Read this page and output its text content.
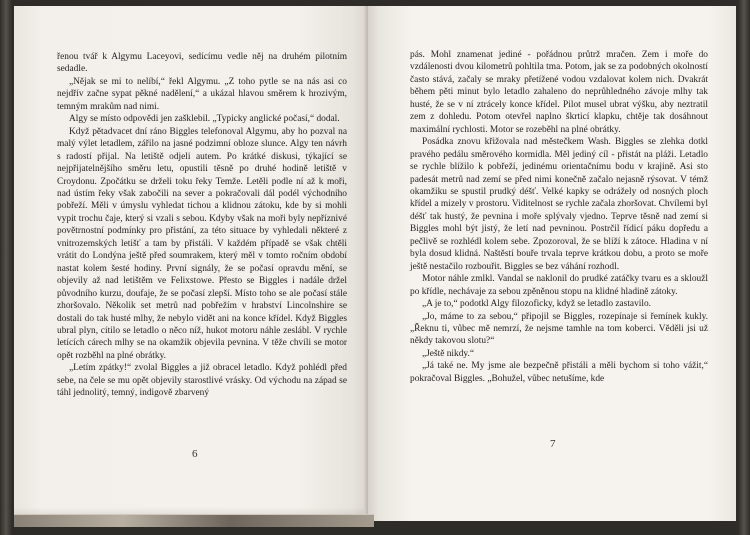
řenou tvář k Algymu Laceyovi, sedícímu vedle něj na druhém pilotním sedadle.

„Nějak se mi to nelíbí,“ řekl Algymu. „Z toho pytle se na nás asi co nejdřív začne sypat pěkné nadělení,“ a ukázal hlavou směrem k hrozivým, temným mrakům nad nimi.

Algy se místo odpovědi jen zašklebil. „Typicky anglické počasí,“ dodal.

Když pětadvacet dní ráno Biggles telefonoval Algymu, aby ho pozval na malý výlet letadlem, zářilo na jasné podzimní obloze slunce. Algy ten návrh s radostí přijal. Na letiště odjeli autem. Po krátké diskusi, týkající se nejpřijatelnějšího směru letu, opustili těsně po druhé hodině letiště v Croydonu. Zpočátku se drželi toku řeky Temže. Letěli podle ní až k moři, nad ústím řeky však zabočili na sever a pokračovali dál podél východního pobřeží. Měli v úmyslu vyhledat tichou a klidnou zátoku, kde by si mohli vypit trochu čaje, který si vzali s sebou. Kdyby však na moři byly nepříznivé povětrnostní podmínky pro přistání, za této situace by vyhledali některé z vnitrozemských letišť a tam by přistáli. V každém případě se však chtěli vrátit do Londýna ještě před soumrakem, který měl v tomto ročním období nastat kolem šesté hodiny. První signály, že se počasí opravdu mění, se objevily až nad letištěm ve Felixstowe. Přesto se Biggles i nadále držel původního kurzu, doufaje, že se počasí zlepší. Místo toho se ale počasí stále zhoršovalo. Několik set metrů nad pobřežím v hrabství Lincolnshire se dostali do tak husté mlhy, že nebylo vidět ani na konce křídel. Když Biggles ubral plyn, cítilo se letadlo o něco níž, hukot motoru náhle zeslábl. V rychle letících cárech mlhy se na okamžik objevila pevnina. V těže chvíli se motor opět rozběhl na plné obrátky.

„Letím zpátky!“ zvolal Biggles a již obracel letadlo. Když pohlédl před sebe, na čele se mu opět objevily starostlivé vrásky. Od východu na západ se táhl jednolitý, temný, indigově zbarvený

6

pás. Mohl znamenat jediné - pořádnou průtrž mračen. Zem i moře do vzdálenosti dvou kilometrů pohltila tma. Potom, jak se za podobných okolností často stává, začaly se mraky přetížené vodou vzdalovat kolem nich. Dvakrát během pěti minut bylo letadlo zahaleno do neprůhledného závoje mlhy tak husté, že se v ní ztrácely konce křídel. Pilot musel ubrat výšku, aby neztratil zem z dohledu. Potom otevřel naplno škrticí klapku, chtěje tak dosáhnout maximální rychlosti. Motor se rozeběhl na plné obrátky.

Posádka znovu křižovala nad městečkem Wash. Biggles se zlehka dotkl pravého pedálu směrového kormidla. Měl jediný cíl - přistát na pláži. Letadlo se rychle blížilo k pobřeží, jedinému orientačnímu bodu v krajině. Asi sto padesát metrů nad zemí se před nimi konečně začalo nejasně rýsovat. V témž okamžiku se spustil prudký déšť. Velké kapky se odrážely od nosných ploch křídel a mizely v prostoru. Viditelnost se rychle začala zhoršovat. Chvílemi byl déšť tak hustý, že pevnina i moře splývaly vjedno. Teprve těsně nad zemí si Biggles mohl být jistý, že letí nad pevninou. Postrčil řídicí páku dopředu a pečlivě se rozhlédl kolem sebe. Zpozoroval, že se blíží k zátoce. Hladina v ní byla dosud klidná. Naštěstí bouře trvala teprve krátkou dobu, a proto se moře ještě nestačilo rozbouřit. Biggles se bez váhání rozhodl.

Motor náhle zmlkl. Vandal se naklonil do prudké zatáčky tvaru es a skloužl po křídle, nechávaje za sebou zpěněnou stopu na klidné hladině zátoky.

„A je to,“ podotkl Algy filozoficky, když se letadlo zastavilo.

„Jo, máme to za sebou,“ připojil se Biggles, rozepínaje si řemínek kukly. „Řeknu ti, vůbec mě nemrzí, že nejsme tamhle na tom koberci. Věděli jsi už někdy takovou slotu?“

„Ještě nikdy.“

„Já také ne. My jsme ale bezpečně přistáli a měli bychom si toho vážit,“ pokračoval Biggles. „Bohužel, vůbec netušíme, kde

7
